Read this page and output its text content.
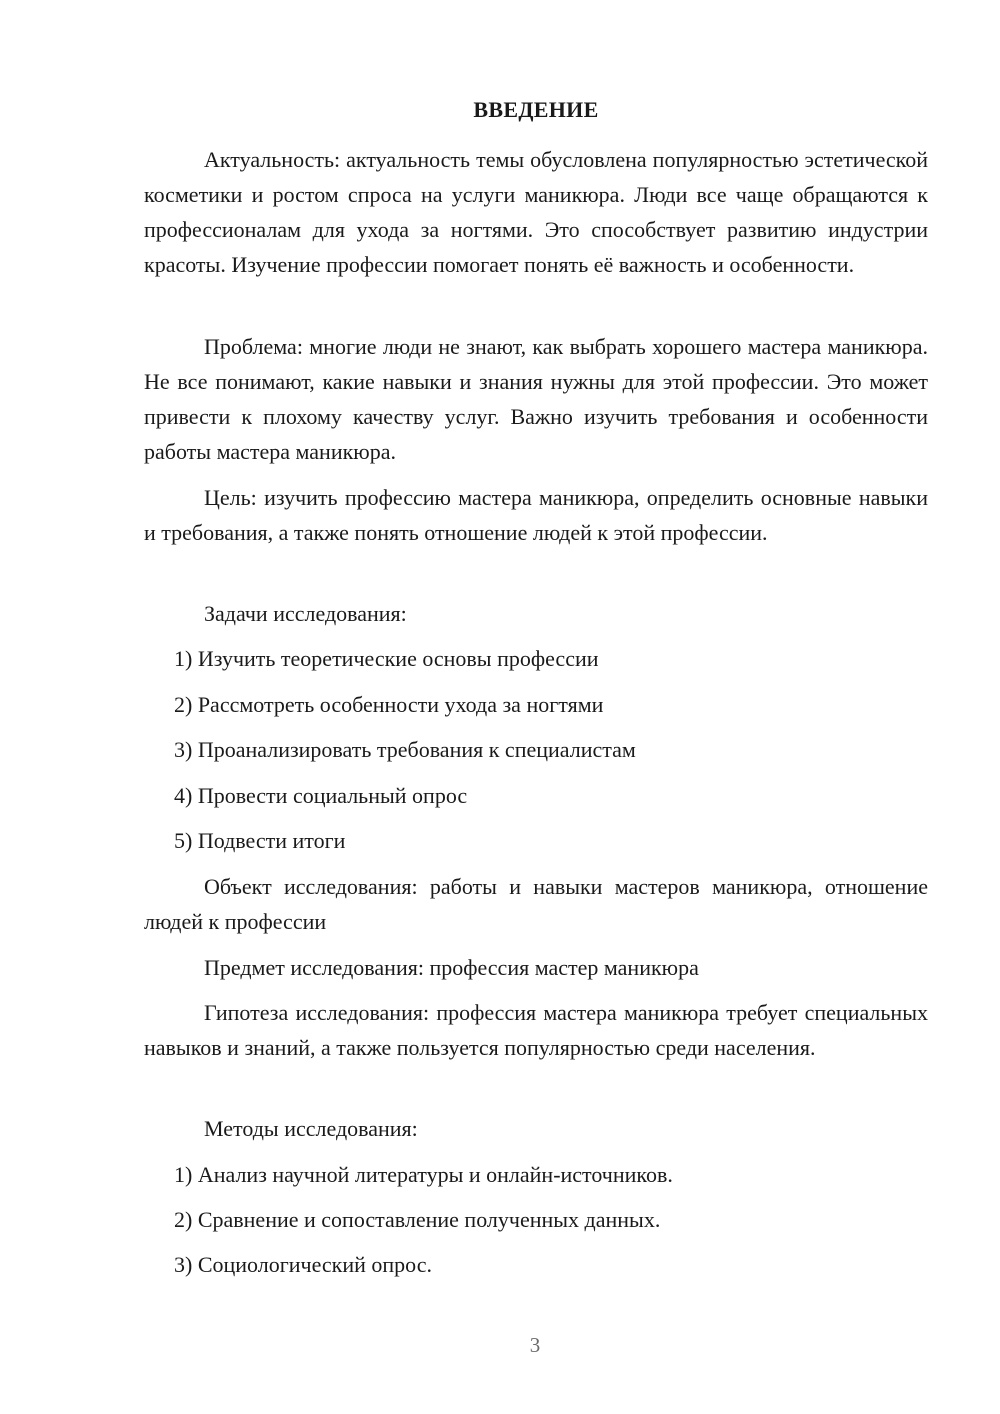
ВВЕДЕНИЕ

Актуальность: актуальность темы обусловлена популярностью эстетической косметики и ростом спроса на услуги маникюра. Люди все чаще обращаются к профессионалам для ухода за ногтями. Это способствует развитию индустрии красоты. Изучение профессии помогает понять её важность и особенности.

Проблема: многие люди не знают, как выбрать хорошего мастера маникюра. Не все понимают, какие навыки и знания нужны для этой профессии. Это может привести к плохому качеству услуг. Важно изучить требования и особенности работы мастера маникюра.

Цель: изучить профессию мастера маникюра, определить основные навыки и требования, а также понять отношение людей к этой профессии.

Задачи исследования:

1) Изучить теоретические основы профессии

2) Рассмотреть особенности ухода за ногтями

3) Проанализировать требования к специалистам

4) Провести социальный опрос

5) Подвести итоги

Объект исследования: работы и навыки мастеров маникюра, отношение людей к профессии

Предмет исследования: профессия мастер маникюра

Гипотеза исследования: профессия мастера маникюра требует специальных навыков и знаний, а также пользуется популярностью среди населения.

Методы исследования:

1) Анализ научной литературы и онлайн-источников.

2) Сравнение и сопоставление полученных данных.

3) Социологический опрос.

3
